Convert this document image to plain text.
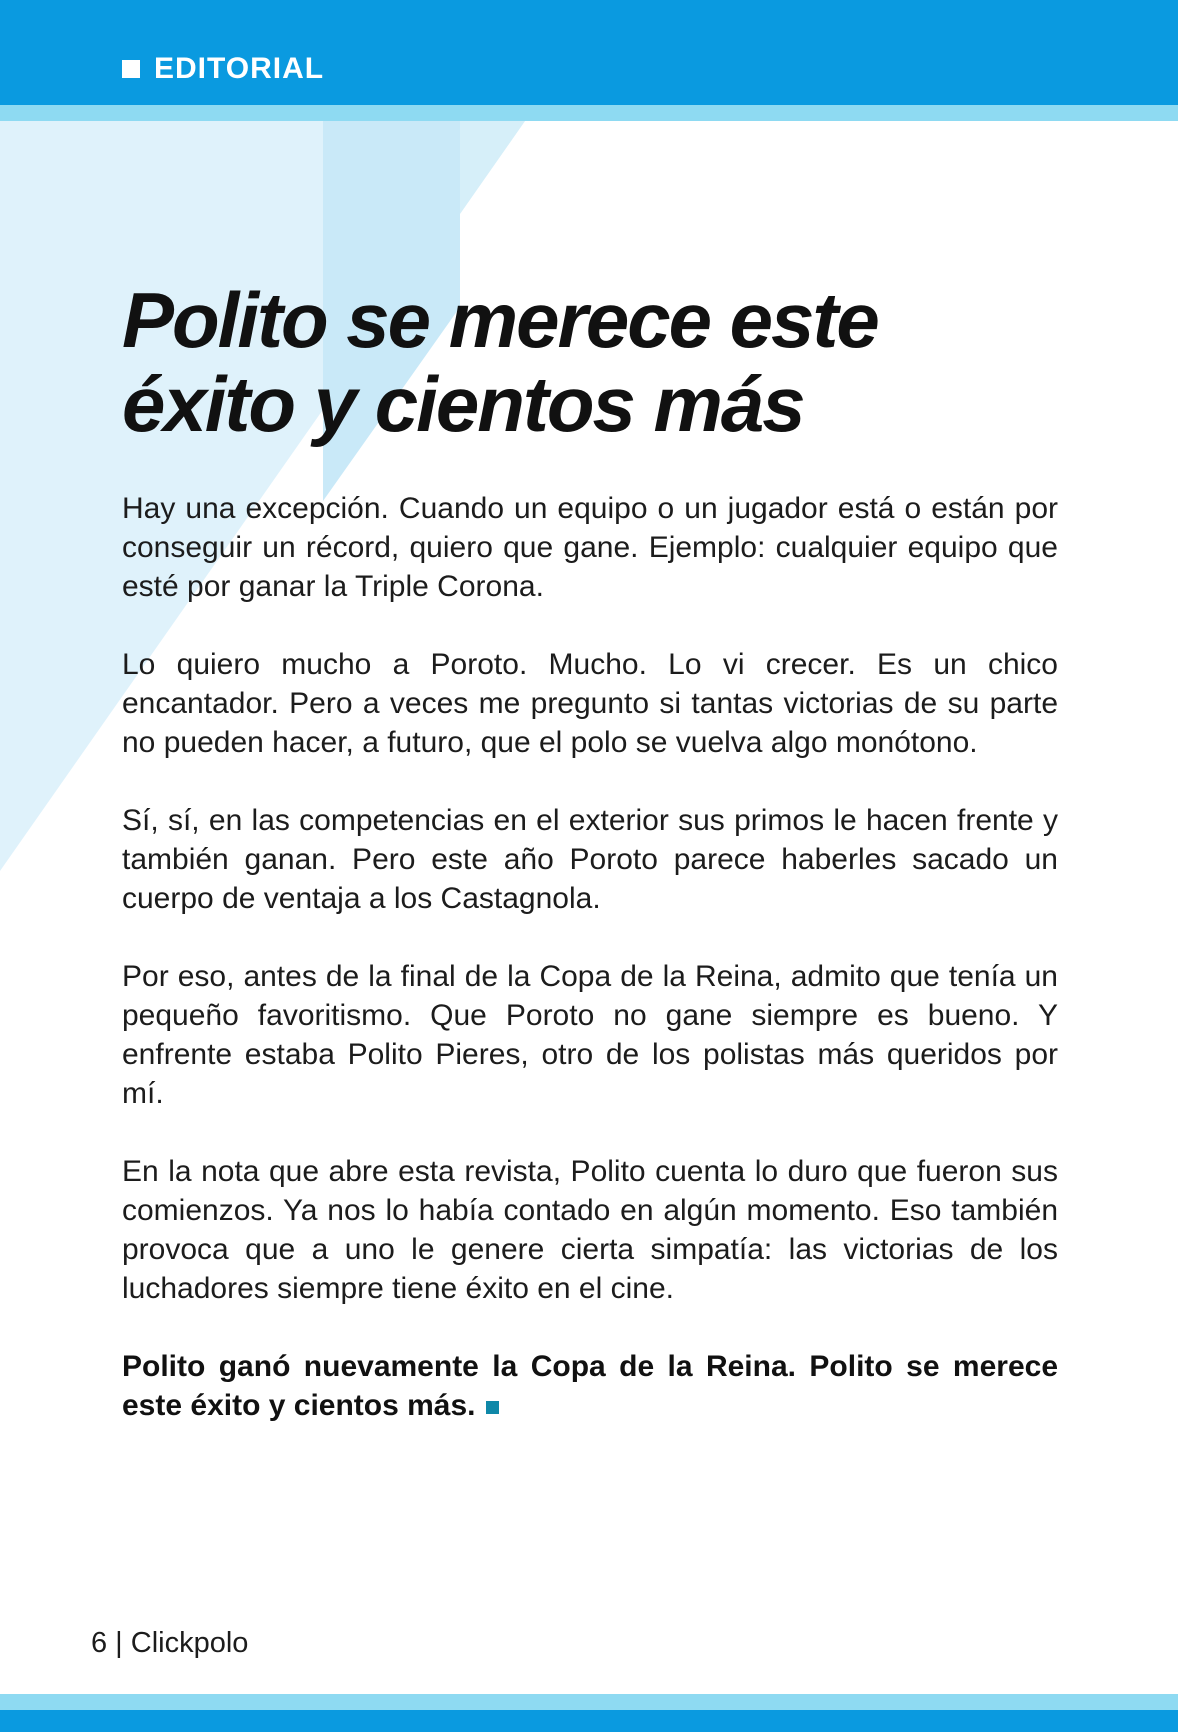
EDITORIAL
Polito se merece este
éxito y cientos más

Hay una excepción. Cuando un equipo o un jugador está o están por conseguir un récord, quiero que gane. Ejemplo: cualquier equipo que esté por ganar la Triple Corona.

Lo quiero mucho a Poroto. Mucho. Lo vi crecer. Es un chico encantador. Pero a veces me pregunto si tantas victorias de su parte no pueden hacer, a futuro, que el polo se vuelva algo monótono.

Sí, sí, en las competencias en el exterior sus primos le hacen frente y también ganan. Pero este año Poroto parece haberles sacado un cuerpo de ventaja a los Castagnola.

Por eso, antes de la final de la Copa de la Reina, admito que tenía un pequeño favoritismo. Que Poroto no gane siempre es bueno. Y enfrente estaba Polito Pieres, otro de los polistas más queridos por mí.

En la nota que abre esta revista, Polito cuenta lo duro que fueron sus comienzos. Ya nos lo había contado en algún momento. Eso también provoca que a uno le genere cierta simpatía: las victorias de los luchadores siempre tiene éxito en el cine.

Polito ganó nuevamente la Copa de la Reina. Polito se merece este éxito y cientos más.

6 | Clickpolo
